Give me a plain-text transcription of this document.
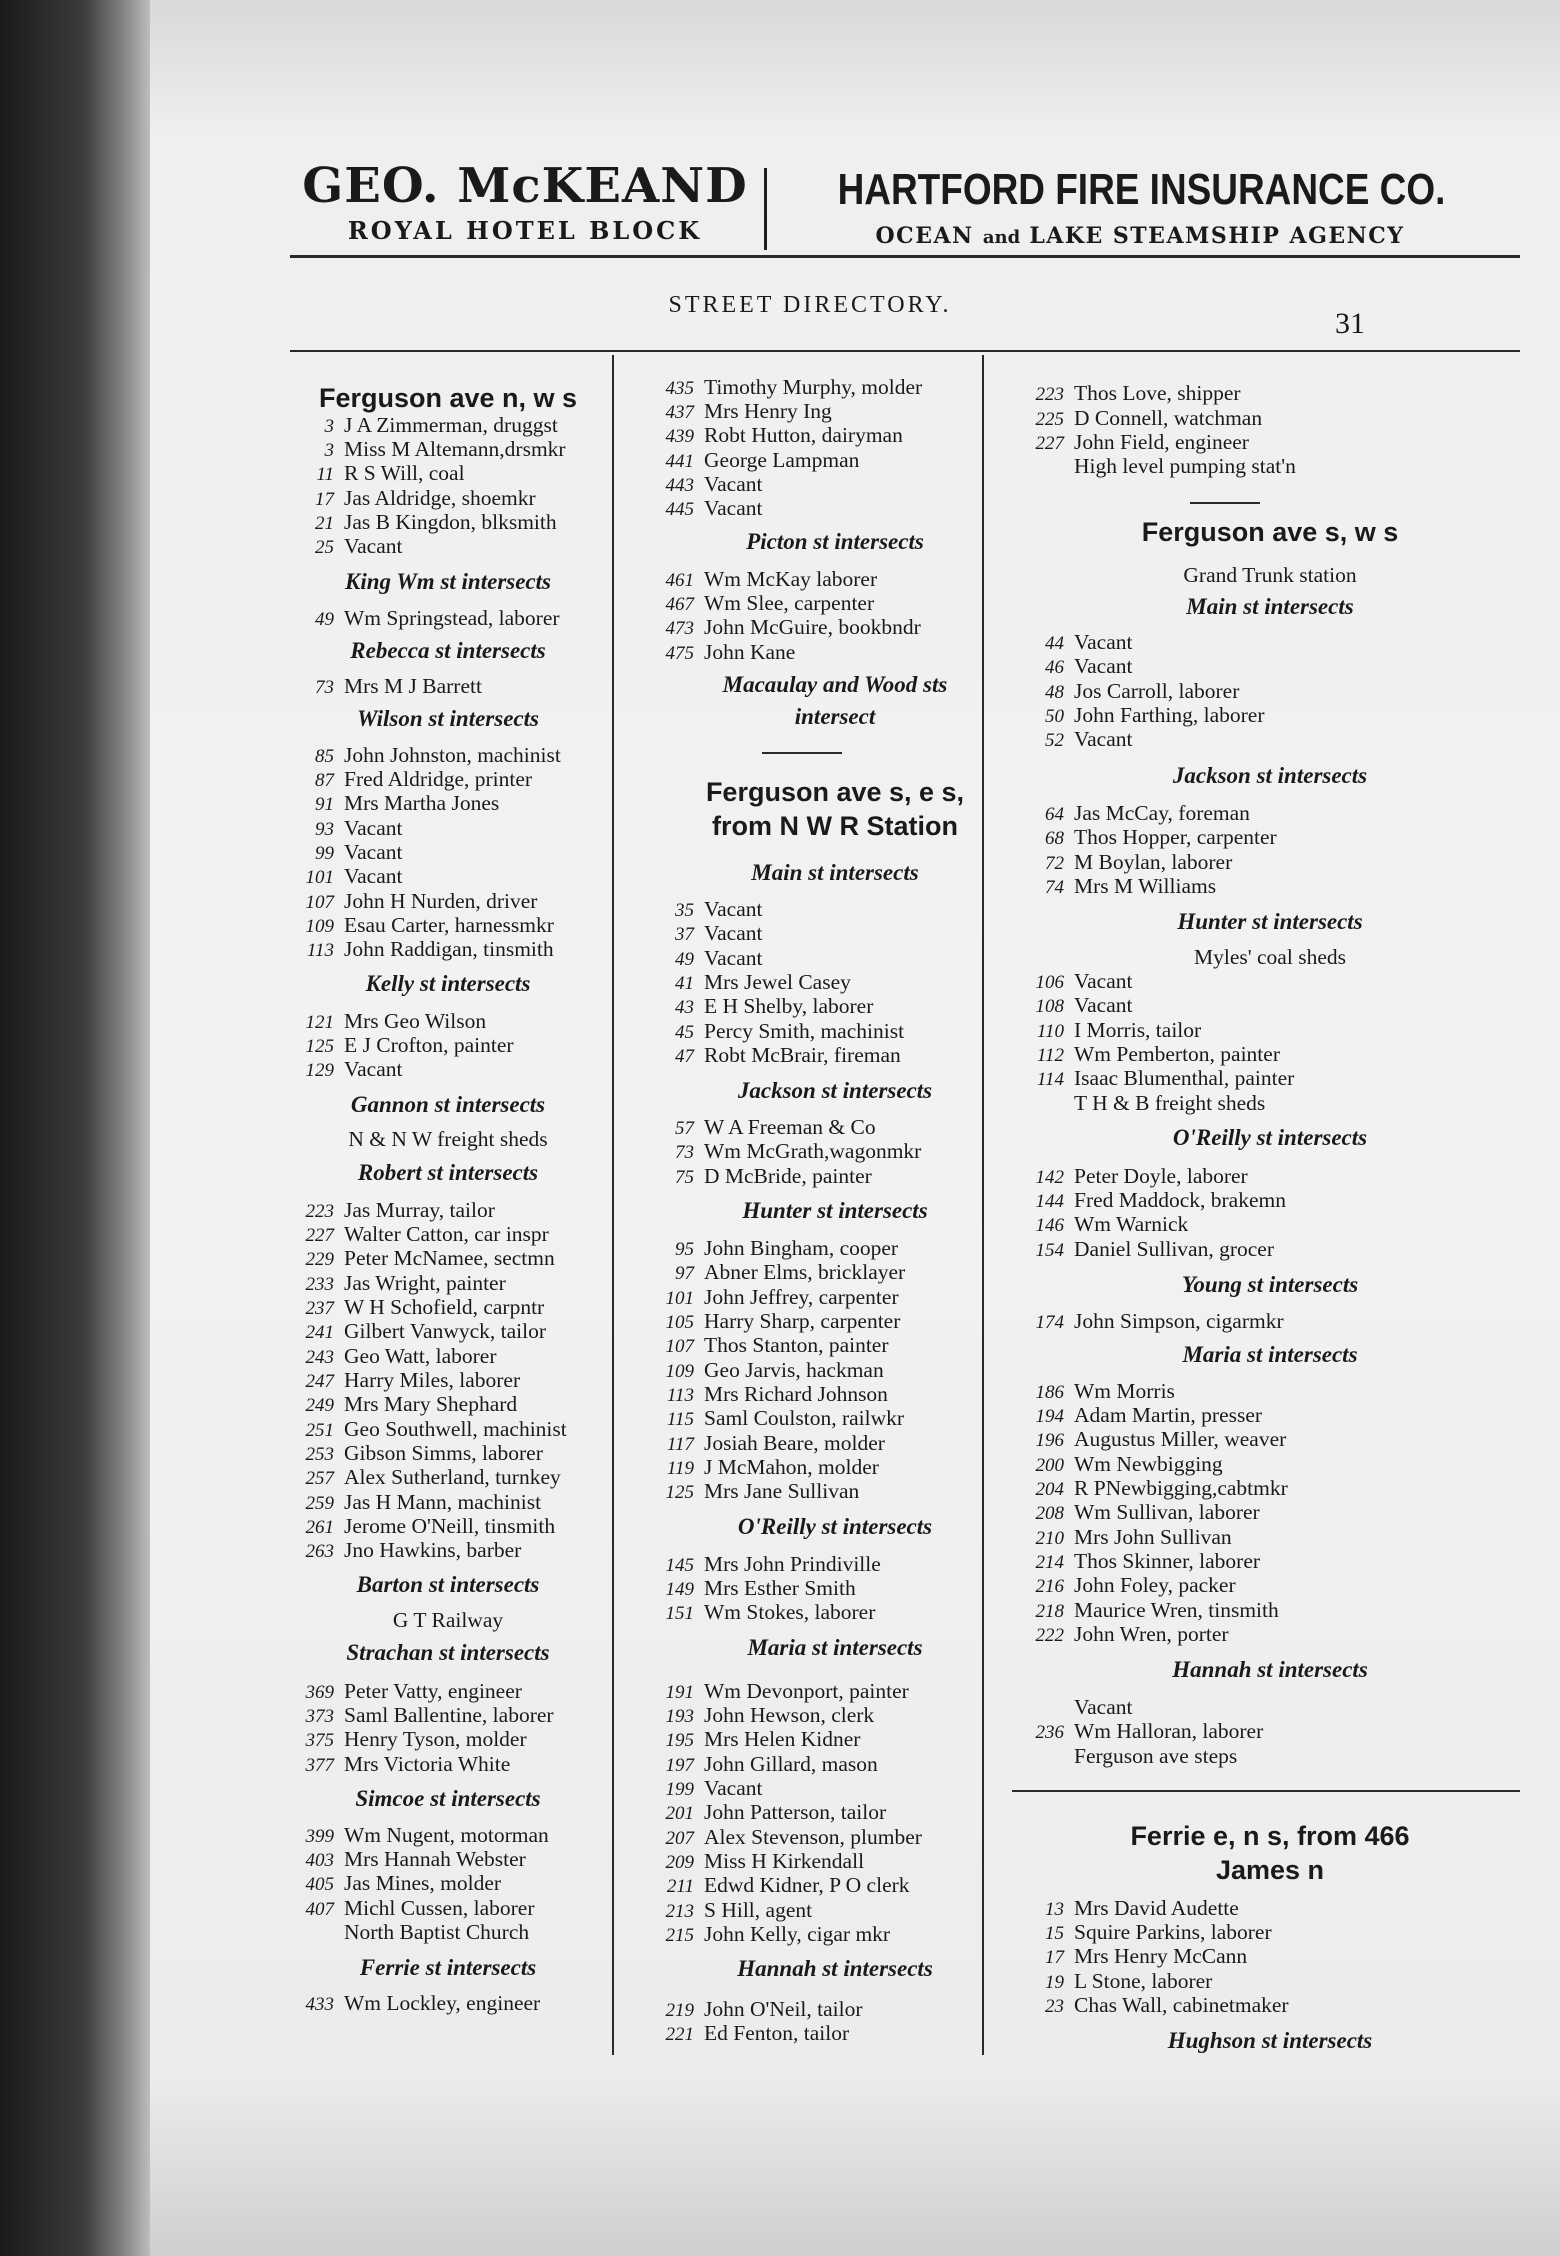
GEO. McKEAND
ROYAL HOTEL BLOCK
HARTFORD FIRE INSURANCE CO.
OCEAN and LAKE STEAMSHIP AGENCY
STREET DIRECTORY.
31
Ferguson ave n, w s
3 J A Zimmerman, druggst
3 Miss M Altemann,drsmkr
11 R S Will, coal
17 Jas Aldridge, shoemkr
21 Jas B Kingdon, blksmith
25 Vacant
King Wm st intersects
49 Wm Springstead, laborer
Rebecca st intersects
73 Mrs M J Barrett
Wilson st intersects
85 John Johnston, machinist
87 Fred Aldridge, printer
91 Mrs Martha Jones
93 Vacant
99 Vacant
101 Vacant
107 John H Nurden, driver
109 Esau Carter, harnessmkr
113 John Raddigan, tinsmith
Kelly st intersects
121 Mrs Geo Wilson
125 E J Crofton, painter
129 Vacant
Gannon st intersects
N & N W freight sheds
Robert st intersects
223 Jas Murray, tailor
227 Walter Catton, car inspr
229 Peter McNamee, sectmn
233 Jas Wright, painter
237 W H Schofield, carpntr
241 Gilbert Vanwyck, tailor
243 Geo Watt, laborer
247 Harry Miles, laborer
249 Mrs Mary Shephard
251 Geo Southwell, machinist
253 Gibson Simms, laborer
257 Alex Sutherland, turnkey
259 Jas H Mann, machinist
261 Jerome O'Neill, tinsmith
263 Jno Hawkins, barber
Barton st intersects
G T Railway
Strachan st intersects
369 Peter Vatty, engineer
373 Saml Ballentine, laborer
375 Henry Tyson, molder
377 Mrs Victoria White
Simcoe st intersects
399 Wm Nugent, motorman
403 Mrs Hannah Webster
405 Jas Mines, molder
407 Michl Cussen, laborer
North Baptist Church
Ferrie st intersects
433 Wm Lockley, engineer
435 Timothy Murphy, molder
437 Mrs Henry Ing
439 Robt Hutton, dairyman
441 George Lampman
443 Vacant
445 Vacant
Picton st intersects
461 Wm McKay laborer
467 Wm Slee, carpenter
473 John McGuire, bookbndr
475 John Kane
Macaulay and Wood sts
intersect
Ferguson ave s, e s,
from N W R Station
Main st intersects
35 Vacant
37 Vacant
49 Vacant
41 Mrs Jewel Casey
43 E H Shelby, laborer
45 Percy Smith, machinist
47 Robt McBrair, fireman
Jackson st intersects
57 W A Freeman & Co
73 Wm McGrath,wagonmkr
75 D McBride, painter
Hunter st intersects
95 John Bingham, cooper
97 Abner Elms, bricklayer
101 John Jeffrey, carpenter
105 Harry Sharp, carpenter
107 Thos Stanton, painter
109 Geo Jarvis, hackman
113 Mrs Richard Johnson
115 Saml Coulston, railwkr
117 Josiah Beare, molder
119 J McMahon, molder
125 Mrs Jane Sullivan
O'Reilly st intersects
145 Mrs John Prindiville
149 Mrs Esther Smith
151 Wm Stokes, laborer
Maria st intersects
191 Wm Devonport, painter
193 John Hewson, clerk
195 Mrs Helen Kidner
197 John Gillard, mason
199 Vacant
201 John Patterson, tailor
207 Alex Stevenson, plumber
209 Miss H Kirkendall
211 Edwd Kidner, P O clerk
213 S Hill, agent
215 John Kelly, cigar mkr
Hannah st intersects
219 John O'Neil, tailor
221 Ed Fenton, tailor
223 Thos Love, shipper
225 D Connell, watchman
227 John Field, engineer
High level pumping stat'n
Ferguson ave s, w s
Grand Trunk station
Main st intersects
44 Vacant
46 Vacant
48 Jos Carroll, laborer
50 John Farthing, laborer
52 Vacant
Jackson st intersects
64 Jas McCay, foreman
68 Thos Hopper, carpenter
72 M Boylan, laborer
74 Mrs M Williams
Hunter st intersects
Myles' coal sheds
106 Vacant
108 Vacant
110 I Morris, tailor
112 Wm Pemberton, painter
114 Isaac Blumenthal, painter
T H & B freight sheds
O'Reilly st intersects
142 Peter Doyle, laborer
144 Fred Maddock, brakemn
146 Wm Warnick
154 Daniel Sullivan, grocer
Young st intersects
174 John Simpson, cigarmkr
Maria st intersects
186 Wm Morris
194 Adam Martin, presser
196 Augustus Miller, weaver
200 Wm Newbigging
204 R PNewbigging,cabtmkr
208 Wm Sullivan, laborer
210 Mrs John Sullivan
214 Thos Skinner, laborer
216 John Foley, packer
218 Maurice Wren, tinsmith
222 John Wren, porter
Hannah st intersects
Vacant
236 Wm Halloran, laborer
Ferguson ave steps
Ferrie e, n s, from 466
James n
13 Mrs David Audette
15 Squire Parkins, laborer
17 Mrs Henry McCann
19 L Stone, laborer
23 Chas Wall, cabinetmaker
Hughson st intersects
